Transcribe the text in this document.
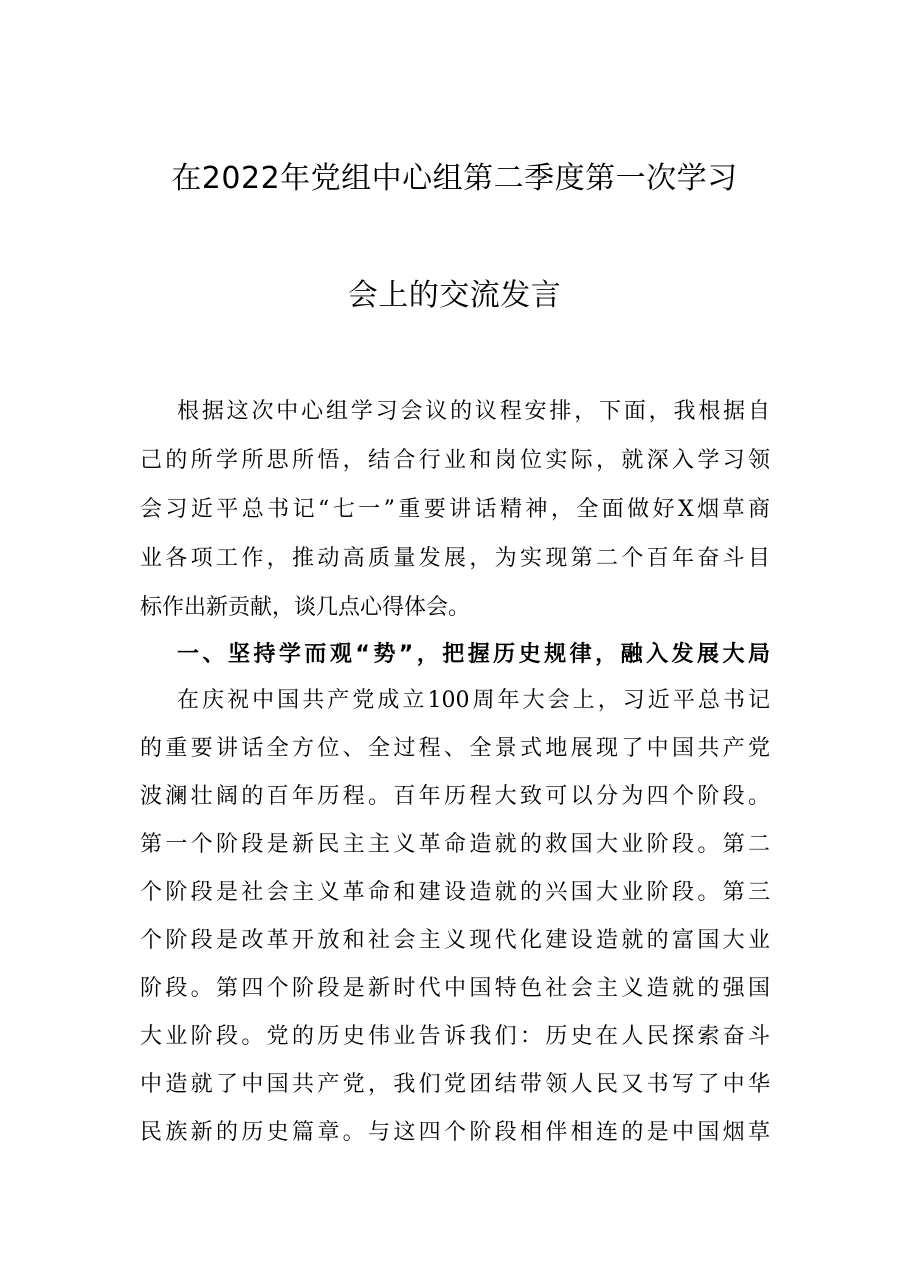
在2022年党组中心组第二季度第一次学习
会上的交流发言
根据这次中心组学习会议的议程安排，下面，我根据自
己的所学所思所悟，结合行业和岗位实际，就深入学习领
会习近平总书记“七一”重要讲话精神，全面做好X烟草商
业各项工作，推动高质量发展，为实现第二个百年奋斗目
标作出新贡献，谈几点心得体会。
一、坚持学而观“势”，把握历史规律，融入发展大局
在庆祝中国共产党成立100周年大会上，习近平总书记
的重要讲话全方位、全过程、全景式地展现了中国共产党
波澜壮阔的百年历程。百年历程大致可以分为四个阶段。
第一个阶段是新民主主义革命造就的救国大业阶段。第二
个阶段是社会主义革命和建设造就的兴国大业阶段。第三
个阶段是改革开放和社会主义现代化建设造就的富国大业
阶段。第四个阶段是新时代中国特色社会主义造就的强国
大业阶段。党的历史伟业告诉我们：历史在人民探索奋斗
中造就了中国共产党，我们党团结带领人民又书写了中华
民族新的历史篇章。与这四个阶段相伴相连的是中国烟草
